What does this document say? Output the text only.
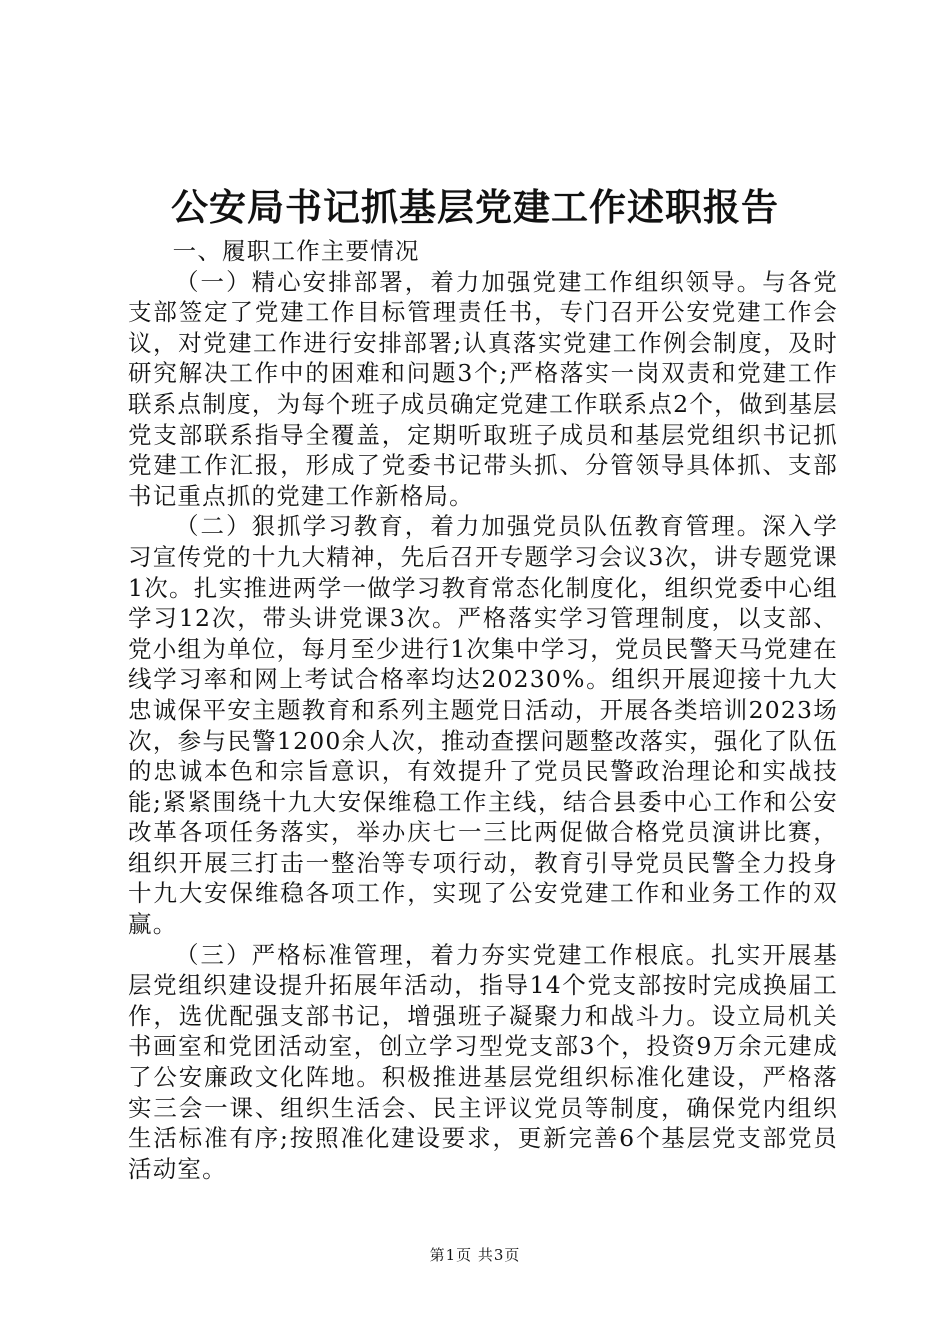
公安局书记抓基层党建工作述职报告

一、履职工作主要情况

（一）精心安排部署，着力加强党建工作组织领导。与各党支部签定了党建工作目标管理责任书，专门召开公安党建工作会议，对党建工作进行安排部署;认真落实党建工作例会制度，及时研究解决工作中的困难和问题3个;严格落实一岗双责和党建工作联系点制度，为每个班子成员确定党建工作联系点2个，做到基层党支部联系指导全覆盖，定期听取班子成员和基层党组织书记抓党建工作汇报，形成了党委书记带头抓、分管领导具体抓、支部书记重点抓的党建工作新格局。

（二）狠抓学习教育，着力加强党员队伍教育管理。深入学习宣传党的十九大精神，先后召开专题学习会议3次，讲专题党课1次。扎实推进两学一做学习教育常态化制度化，组织党委中心组学习12次，带头讲党课3次。严格落实学习管理制度，以支部、党小组为单位，每月至少进行1次集中学习，党员民警天马党建在线学习率和网上考试合格率均达20230%。组织开展迎接十九大忠诚保平安主题教育和系列主题党日活动，开展各类培训2023场次，参与民警1200余人次，推动查摆问题整改落实，强化了队伍的忠诚本色和宗旨意识，有效提升了党员民警政治理论和实战技能;紧紧围绕十九大安保维稳工作主线，结合县委中心工作和公安改革各项任务落实，举办庆七一三比两促做合格党员演讲比赛，组织开展三打击一整治等专项行动，教育引导党员民警全力投身十九大安保维稳各项工作，实现了公安党建工作和业务工作的双赢。

（三）严格标准管理，着力夯实党建工作根底。扎实开展基层党组织建设提升拓展年活动，指导14个党支部按时完成换届工作，选优配强支部书记，增强班子凝聚力和战斗力。设立局机关书画室和党团活动室，创立学习型党支部3个，投资9万余元建成了公安廉政文化阵地。积极推进基层党组织标准化建设，严格落实三会一课、组织生活会、民主评议党员等制度，确保党内组织生活标准有序;按照准化建设要求，更新完善6个基层党支部党员活动室。

第1页 共3页
